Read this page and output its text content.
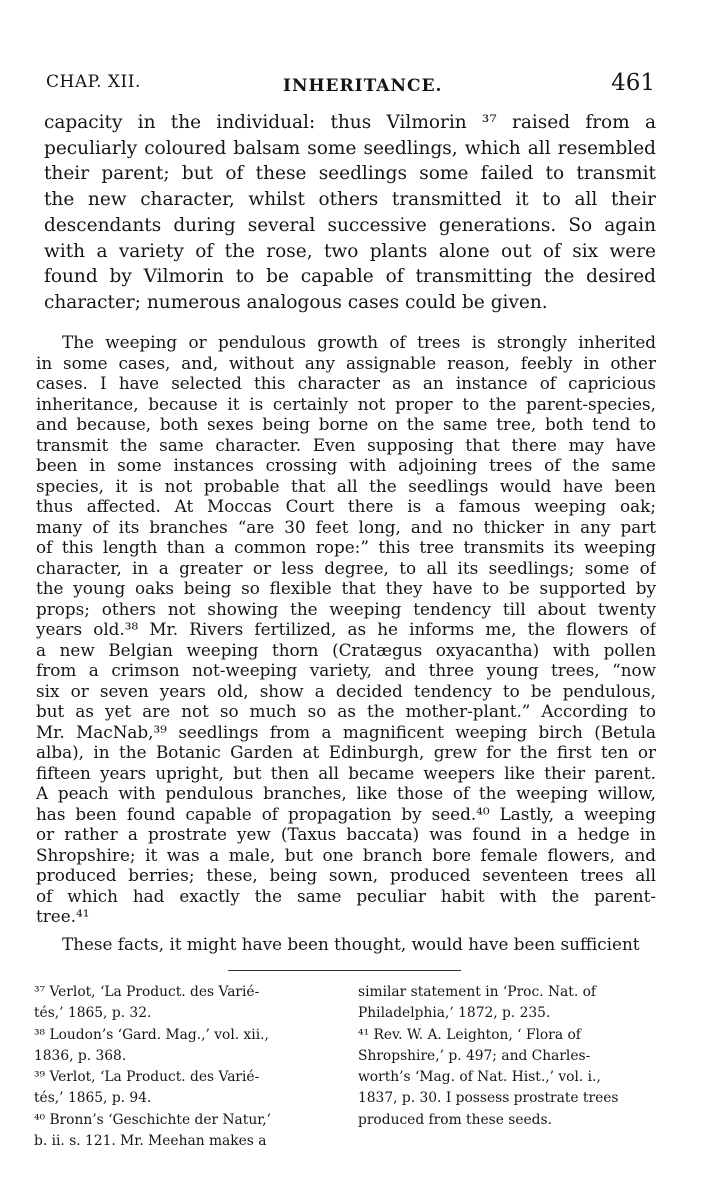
CHAP. XII.	INHERITANCE.	461
capacity in the individual: thus Vilmorin ³⁷ raised from a
peculiarly coloured balsam some seedlings, which all resembled
their parent; but of these seedlings some failed to transmit
the new character, whilst others transmitted it to all their
descendants during several successive generations. So again
with a variety of the rose, two plants alone out of six were
found by Vilmorin to be capable of transmitting the desired
character; numerous analogous cases could be given.
The weeping or pendulous growth of trees is strongly inherited
in some cases, and, without any assignable reason, feebly in other
cases. I have selected this character as an instance of capricious
inheritance, because it is certainly not proper to the parent-species,
and because, both sexes being borne on the same tree, both tend to
transmit the same character. Even supposing that there may have
been in some instances crossing with adjoining trees of the same
species, it is not probable that all the seedlings would have been
thus affected. At Moccas Court there is a famous weeping oak;
many of its branches “are 30 feet long, and no thicker in any part
of this length than a common rope:” this tree transmits its weeping
character, in a greater or less degree, to all its seedlings; some of
the young oaks being so flexible that they have to be supported by
props; others not showing the weeping tendency till about twenty
years old.³⁸ Mr. Rivers fertilized, as he informs me, the flowers of
a new Belgian weeping thorn (Cratægus oxyacantha) with pollen
from a crimson not-weeping variety, and three young trees, “now
six or seven years old, show a decided tendency to be pendulous,
but as yet are not so much so as the mother-plant.” According to
Mr. MacNab,³⁹ seedlings from a magnificent weeping birch (Betula
alba), in the Botanic Garden at Edinburgh, grew for the first ten or
fifteen years upright, but then all became weepers like their parent.
A peach with pendulous branches, like those of the weeping willow,
has been found capable of propagation by seed.⁴⁰ Lastly, a weeping
or rather a prostrate yew (Taxus baccata) was found in a hedge in
Shropshire; it was a male, but one branch bore female flowers, and
produced berries; these, being sown, produced seventeen trees all
of which had exactly the same peculiar habit with the parent-
tree.⁴¹
These facts, it might have been thought, would have been sufficient
³⁷ Verlot, ‘La Product. des Varié-
tés,’ 1865, p. 32.
³⁸ Loudon’s ‘Gard. Mag.,’ vol. xii.,
1836, p. 368.
³⁹ Verlot, ‘La Product. des Varié-
tés,’ 1865, p. 94.
⁴⁰ Bronn’s ‘Geschichte der Natur,’
b. ii. s. 121. Mr. Meehan makes a
similar statement in ‘Proc. Nat. of
Philadelphia,’ 1872, p. 235.
⁴¹ Rev. W. A. Leighton, ‘ Flora of
Shropshire,’ p. 497; and Charles-
worth’s ‘Mag. of Nat. Hist.,’ vol. i.,
1837, p. 30. I possess prostrate trees
produced from these seeds.
